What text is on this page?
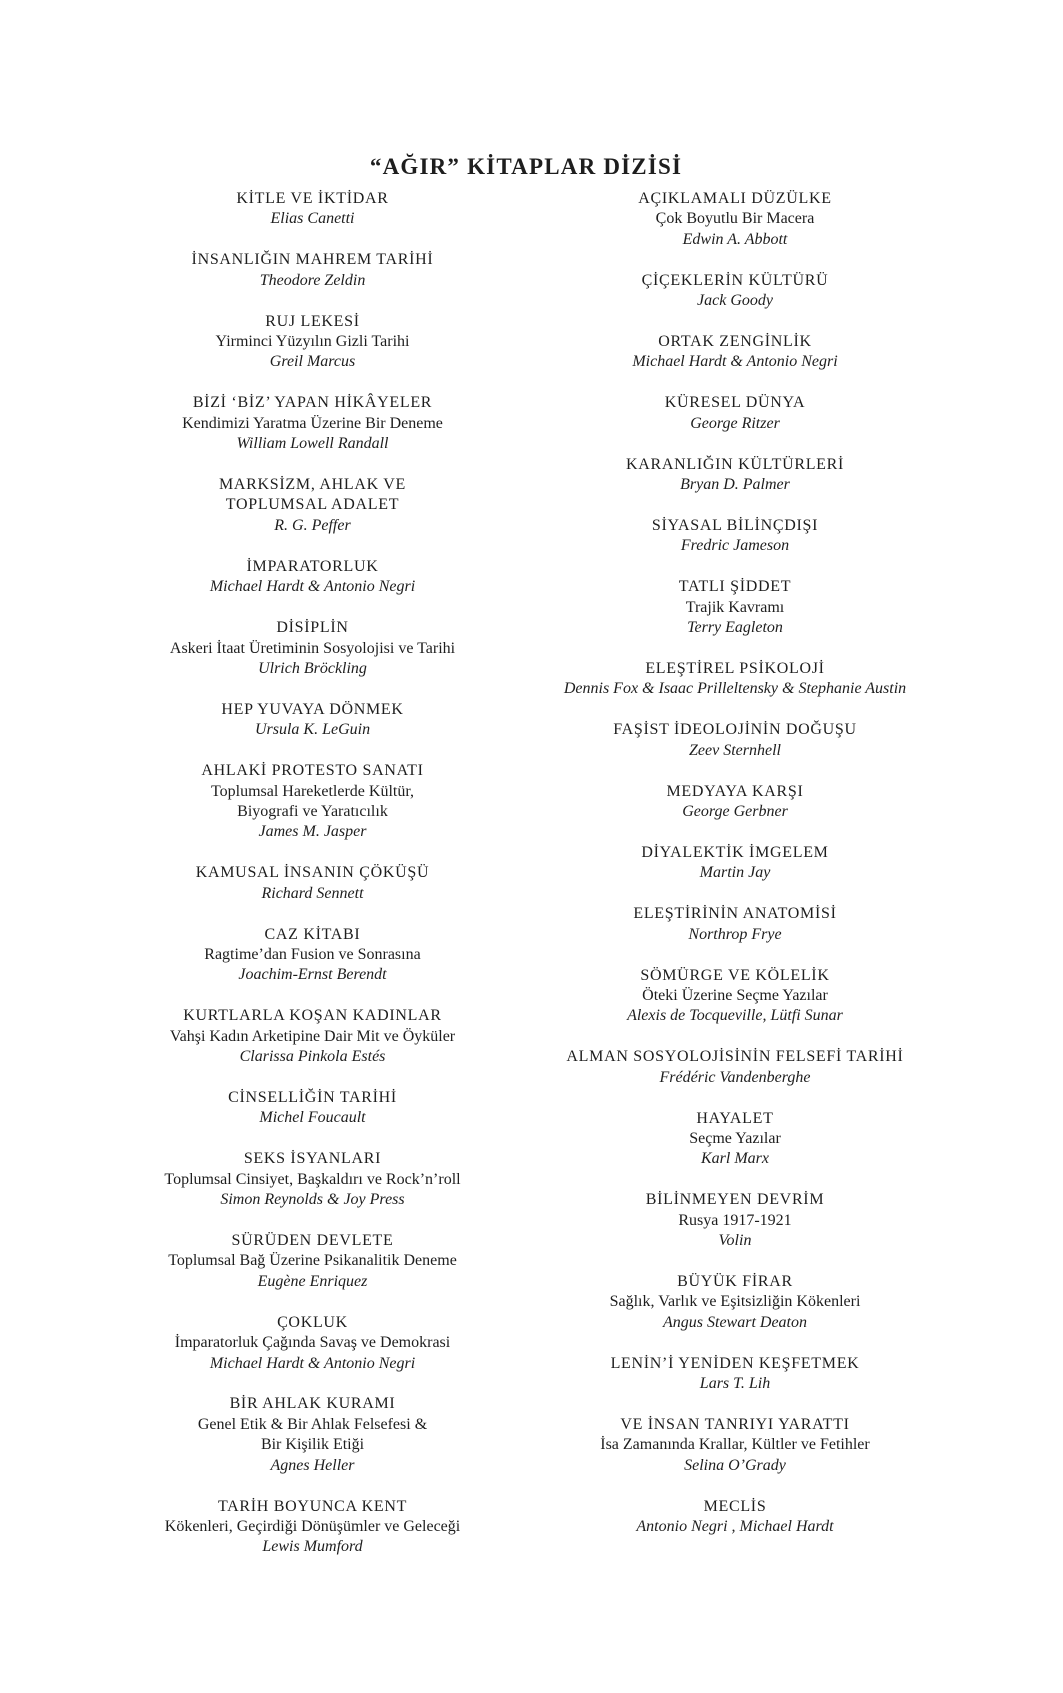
“AĞIR” KİTAPLAR DİZİSİ
KİTLE VE İKTİDAR
Elias Canetti
İNSANLIĞIN MAHREM TARİHİ
Theodore Zeldin
RUJ LEKESİ
Yirminci Yüzyılın Gizli Tarihi
Greil Marcus
BİZİ ‘BİZ’ YAPAN HİKÂYELER
Kendimizi Yaratma Üzerine Bir Deneme
William Lowell Randall
MARKSİZM, AHLAK VE
TOPLUMSAL ADALET
R. G. Peffer
İMPARATORLUK
Michael Hardt & Antonio Negri
DİSİPLİN
Askeri İtaat Üretiminin Sosyolojisi ve Tarihi
Ulrich Bröckling
HEP YUVAYA DÖNMEK
Ursula K. LeGuin
AHLAKİ PROTESTO SANATI
Toplumsal Hareketlerde Kültür,
Biyografi ve Yaratıcılık
James M. Jasper
KAMUSAL İNSANIN ÇÖKÜŞÜ
Richard Sennett
CAZ KİTABI
Ragtime’dan Fusion ve Sonrasına
Joachim-Ernst Berendt
KURTLARLA KOŞAN KADINLAR
Vahşi Kadın Arketipine Dair Mit ve Öyküler
Clarissa Pinkola Estés
CİNSELLİĞİN TARİHİ
Michel Foucault
SEKS İSYANLARI
Toplumsal Cinsiyet, Başkaldırı ve Rock’n’roll
Simon Reynolds & Joy Press
SÜRÜDEN DEVLETE
Toplumsal Bağ Üzerine Psikanalitik Deneme
Eugène Enriquez
ÇOKLUK
İmparatorluk Çağında Savaş ve Demokrasi
Michael Hardt & Antonio Negri
BİR AHLAK KURAMI
Genel Etik & Bir Ahlak Felsefesi &
Bir Kişilik Etiği
Agnes Heller
TARİH BOYUNCA KENT
Kökenleri, Geçirdiği Dönüşümler ve Geleceği
Lewis Mumford
AÇIKLAMALI DÜZÜLKE
Çok Boyutlu Bir Macera
Edwin A. Abbott
ÇİÇEKLERİN KÜLTÜRÜ
Jack Goody
ORTAK ZENGİNLİK
Michael Hardt & Antonio Negri
KÜRESEL DÜNYA
George Ritzer
KARANLIĞIN KÜLTÜRLERİ
Bryan D. Palmer
SİYASAL BİLİNÇDIŞI
Fredric Jameson
TATLI ŞİDDET
Trajik Kavramı
Terry Eagleton
ELEŞTİREL PSİKOLOJİ
Dennis Fox & Isaac Prilleltensky & Stephanie Austin
FAŞİST İDEOLOJİNİN DOĞUŞU
Zeev Sternhell
MEDYAYA KARŞI
George Gerbner
DİYALEKTİK İMGELEM
Martin Jay
ELEŞTİRİNİN ANATOMİSİ
Northrop Frye
SÖMÜRGE VE KÖLELİK
Öteki Üzerine Seçme Yazılar
Alexis de Tocqueville, Lütfi Sunar
ALMAN SOSYOLOJİSİNİN FELSEFİ TARİHİ
Frédéric Vandenberghe
HAYALET
Seçme Yazılar
Karl Marx
BİLİNMEYEN DEVRİM
Rusya 1917-1921
Volin
BÜYÜK FİRAR
Sağlık, Varlık ve Eşitsizliğin Kökenleri
Angus Stewart Deaton
LENİN’İ YENİDEN KEŞFETMEK
Lars T. Lih
VE İNSAN TANRIYI YARATTI
İsa Zamanında Krallar, Kültler ve Fetihler
Selina O’Grady
MECLİS
Antonio Negri , Michael Hardt
